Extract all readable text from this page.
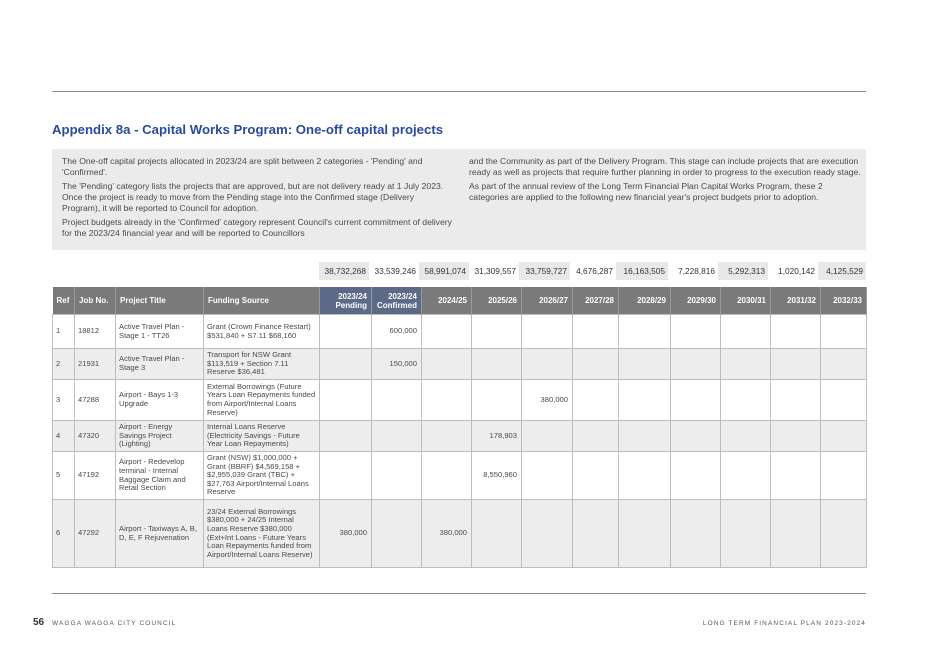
Appendix 8a - Capital Works Program: One-off capital projects

The One-off capital projects allocated in 2023/24 are split between 2 categories - 'Pending' and 'Confirmed'.

The 'Pending' category lists the projects that are approved, but are not delivery ready at 1 July 2023. Once the project is ready to move from the Pending stage into the Confirmed stage (Delivery Program), it will be reported to Council for adoption.

Project budgets already in the 'Confirmed' category represent Council's current commitment of delivery for the 2023/24 financial year and will be reported to Councillors

and the Community as part of the Delivery Program. This stage can include projects that are execution ready as well as projects that require further planning in order to progress to the execution ready stage.

As part of the annual review of the Long Term Financial Plan Capital Works Program, these 2 categories are applied to the following new financial year's project budgets prior to adoption.

38,732,268	33,539,246	58,991,074	31,309,557	33,759,727	4,676,287	16,163,505	7,228,816	5,292,313	1,020,142	4,125,529
Ref	Job No.	Project Title	Funding Source	2023/24
Pending	2023/24
Confirmed	2024/25	2025/26	2026/27	2027/28	2028/29	2029/30	2030/31	2031/32	2032/33
1	18812	Active Travel Plan - Stage 1 - TT26	Grant (Crown Finance Restart) $531,840 + S7.11 $68,160		600,000									
2	21931	Active Travel Plan - Stage 3	Transport for NSW Grant $113,519 + Section 7.11 Reserve $36,481		150,000									
3	47288	Airport - Bays 1-3 Upgrade	External Borrowings (Future Years Loan Repayments funded from Airport/Internal Loans Reserve)					380,000						
4	47320	Airport - Energy Savings Project (Lighting)	Internal Loans Reserve (Electricity Savings - Future Year Loan Repayments)				178,903							
5	47192	Airport - Redevelop terminal - Internal Baggage Claim and Retail Section	Grant (NSW) $1,000,000 + Grant (BBRF) $4,569,158 + $2,955,039 Grant (TBC) + $27,763 Airport/Internal Loans Reserve				8,550,960							
6	47292	Airport - Taxiways A, B, D, E, F Rejuvenation	23/24 External Borrowings $380,000 + 24/25 Internal Loans Reserve $380,000 (Ext+Int Loans - Future Years Loan Repayments funded from Airport/Internal Loans Reserve)	380,000		380,000								
56 WAGGA WAGGA CITY COUNCIL	LONG TERM FINANCIAL PLAN 2023-2024
